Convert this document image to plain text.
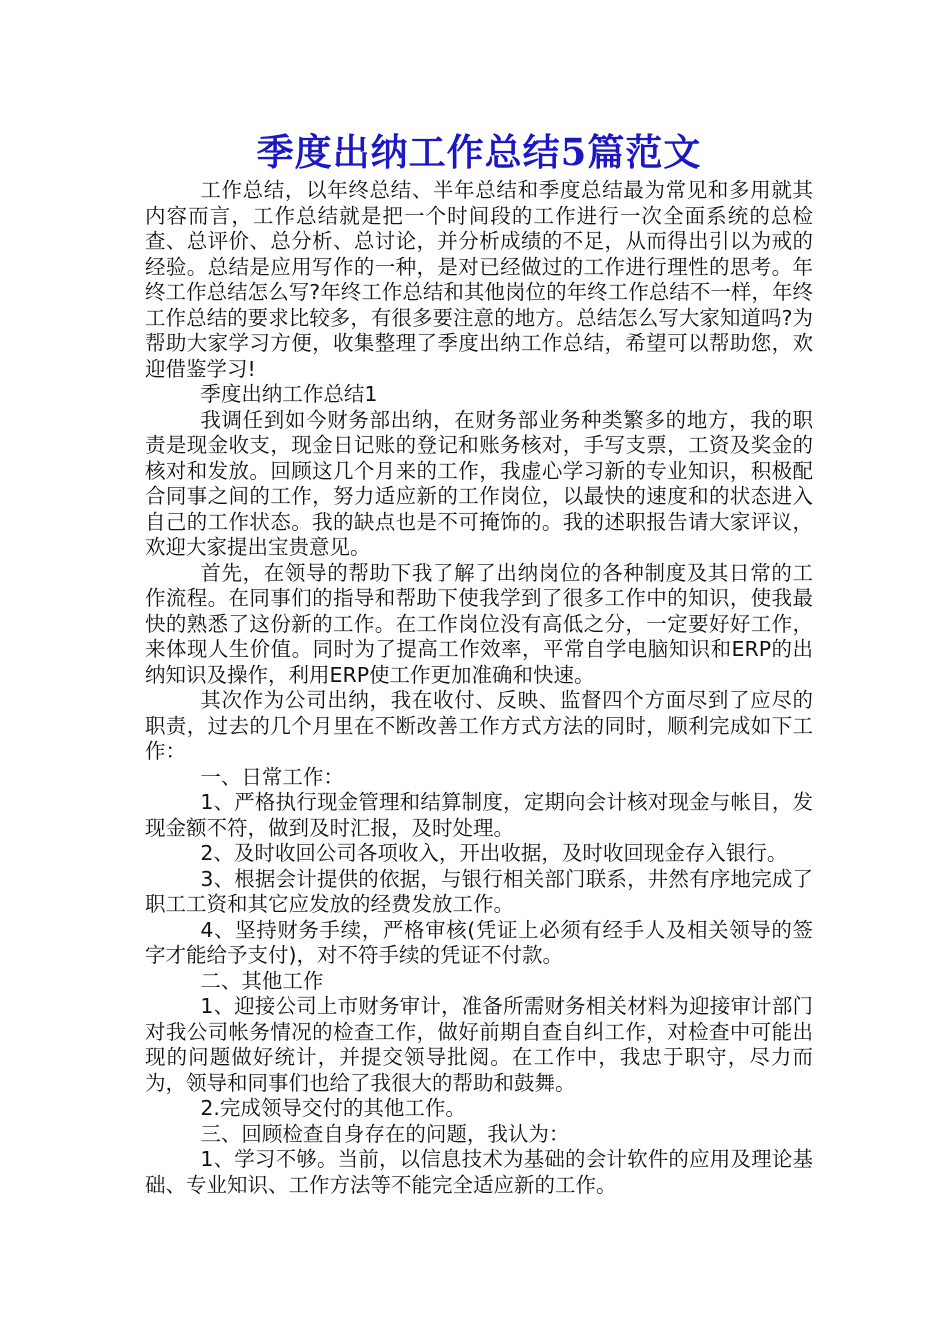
季度出纳工作总结5篇范文

工作总结，以年终总结、半年总结和季度总结最为常见和多用就其内容而言，工作总结就是把一个时间段的工作进行一次全面系统的总检查、总评价、总分析、总讨论，并分析成绩的不足，从而得出引以为戒的经验。总结是应用写作的一种，是对已经做过的工作进行理性的思考。年终工作总结怎么写?年终工作总结和其他岗位的年终工作总结不一样，年终工作总结的要求比较多，有很多要注意的地方。总结怎么写大家知道吗?为帮助大家学习方便，收集整理了季度出纳工作总结，希望可以帮助您，欢迎借鉴学习!

季度出纳工作总结1

我调任到如今财务部出纳，在财务部业务种类繁多的地方，我的职责是现金收支，现金日记账的登记和账务核对，手写支票，工资及奖金的核对和发放。回顾这几个月来的工作，我虚心学习新的专业知识，积极配合同事之间的工作，努力适应新的工作岗位，以最快的速度和的状态进入自己的工作状态。我的缺点也是不可掩饰的。我的述职报告请大家评议，欢迎大家提出宝贵意见。

首先，在领导的帮助下我了解了出纳岗位的各种制度及其日常的工作流程。在同事们的指导和帮助下使我学到了很多工作中的知识，使我最快的熟悉了这份新的工作。在工作岗位没有高低之分，一定要好好工作，来体现人生价值。同时为了提高工作效率，平常自学电脑知识和ERP的出纳知识及操作，利用ERP使工作更加准确和快速。

其次作为公司出纳，我在收付、反映、监督四个方面尽到了应尽的职责，过去的几个月里在不断改善工作方式方法的同时，顺利完成如下工作：

一、日常工作：

1、严格执行现金管理和结算制度，定期向会计核对现金与帐目，发现金额不符，做到及时汇报，及时处理。

2、及时收回公司各项收入，开出收据，及时收回现金存入银行。

3、根据会计提供的依据，与银行相关部门联系，井然有序地完成了职工工资和其它应发放的经费发放工作。

4、坚持财务手续，严格审核(凭证上必须有经手人及相关领导的签字才能给予支付)，对不符手续的凭证不付款。

二、其他工作

1、迎接公司上市财务审计，准备所需财务相关材料为迎接审计部门对我公司帐务情况的检查工作，做好前期自查自纠工作，对检查中可能出现的问题做好统计，并提交领导批阅。在工作中，我忠于职守，尽力而为，领导和同事们也给了我很大的帮助和鼓舞。

2.完成领导交付的其他工作。

三、回顾检查自身存在的问题，我认为：

1、学习不够。当前，以信息技术为基础的会计软件的应用及理论基础、专业知识、工作方法等不能完全适应新的工作。
